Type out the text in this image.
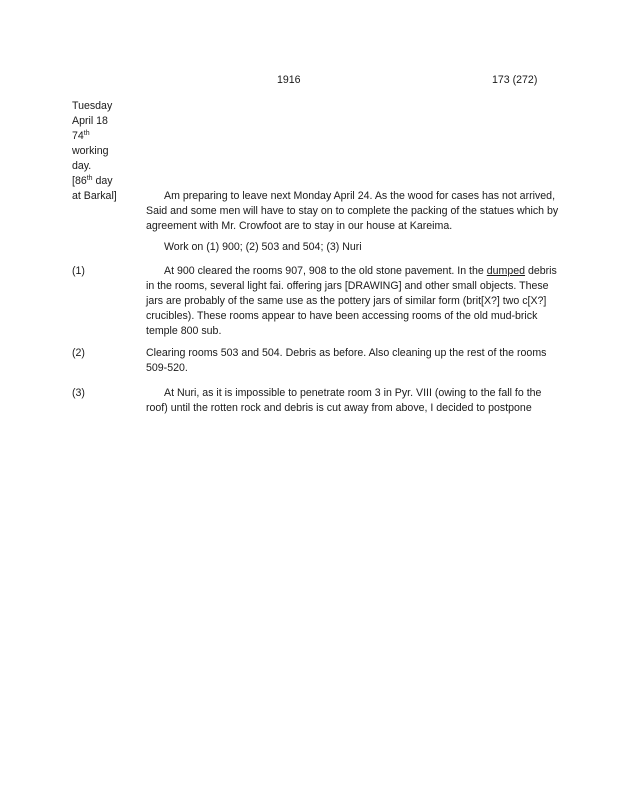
1916	173 (272)
Tuesday
April 18
74th
working
day.
[86th day
at Barkal]	Am preparing to leave next Monday April 24. As the wood for cases has not arrived,
Said and some men will have to stay on to complete the packing of the statues which by
agreement with Mr. Crowfoot are to stay in our house at Kareima.
Work on (1) 900; (2) 503 and 504; (3) Nuri
(1)	At 900 cleared the rooms 907, 908 to the old stone pavement. In the dumped debris
in the rooms, several light fai. offering jars [DRAWING] and other small objects. These
jars are probably of the same use as the pottery jars of similar form (brit[X?] two c[X?]
crucibles). These rooms appear to have been accessing rooms of the old mud-brick
temple 800 sub.
(2)	Clearing rooms 503 and 504. Debris as before. Also cleaning up the rest of the rooms
509-520.
(3)	At Nuri, as it is impossible to penetrate room 3 in Pyr. VIII (owing to the fall fo the
roof) until the rotten rock and debris is cut away from above, I decided to postpone
